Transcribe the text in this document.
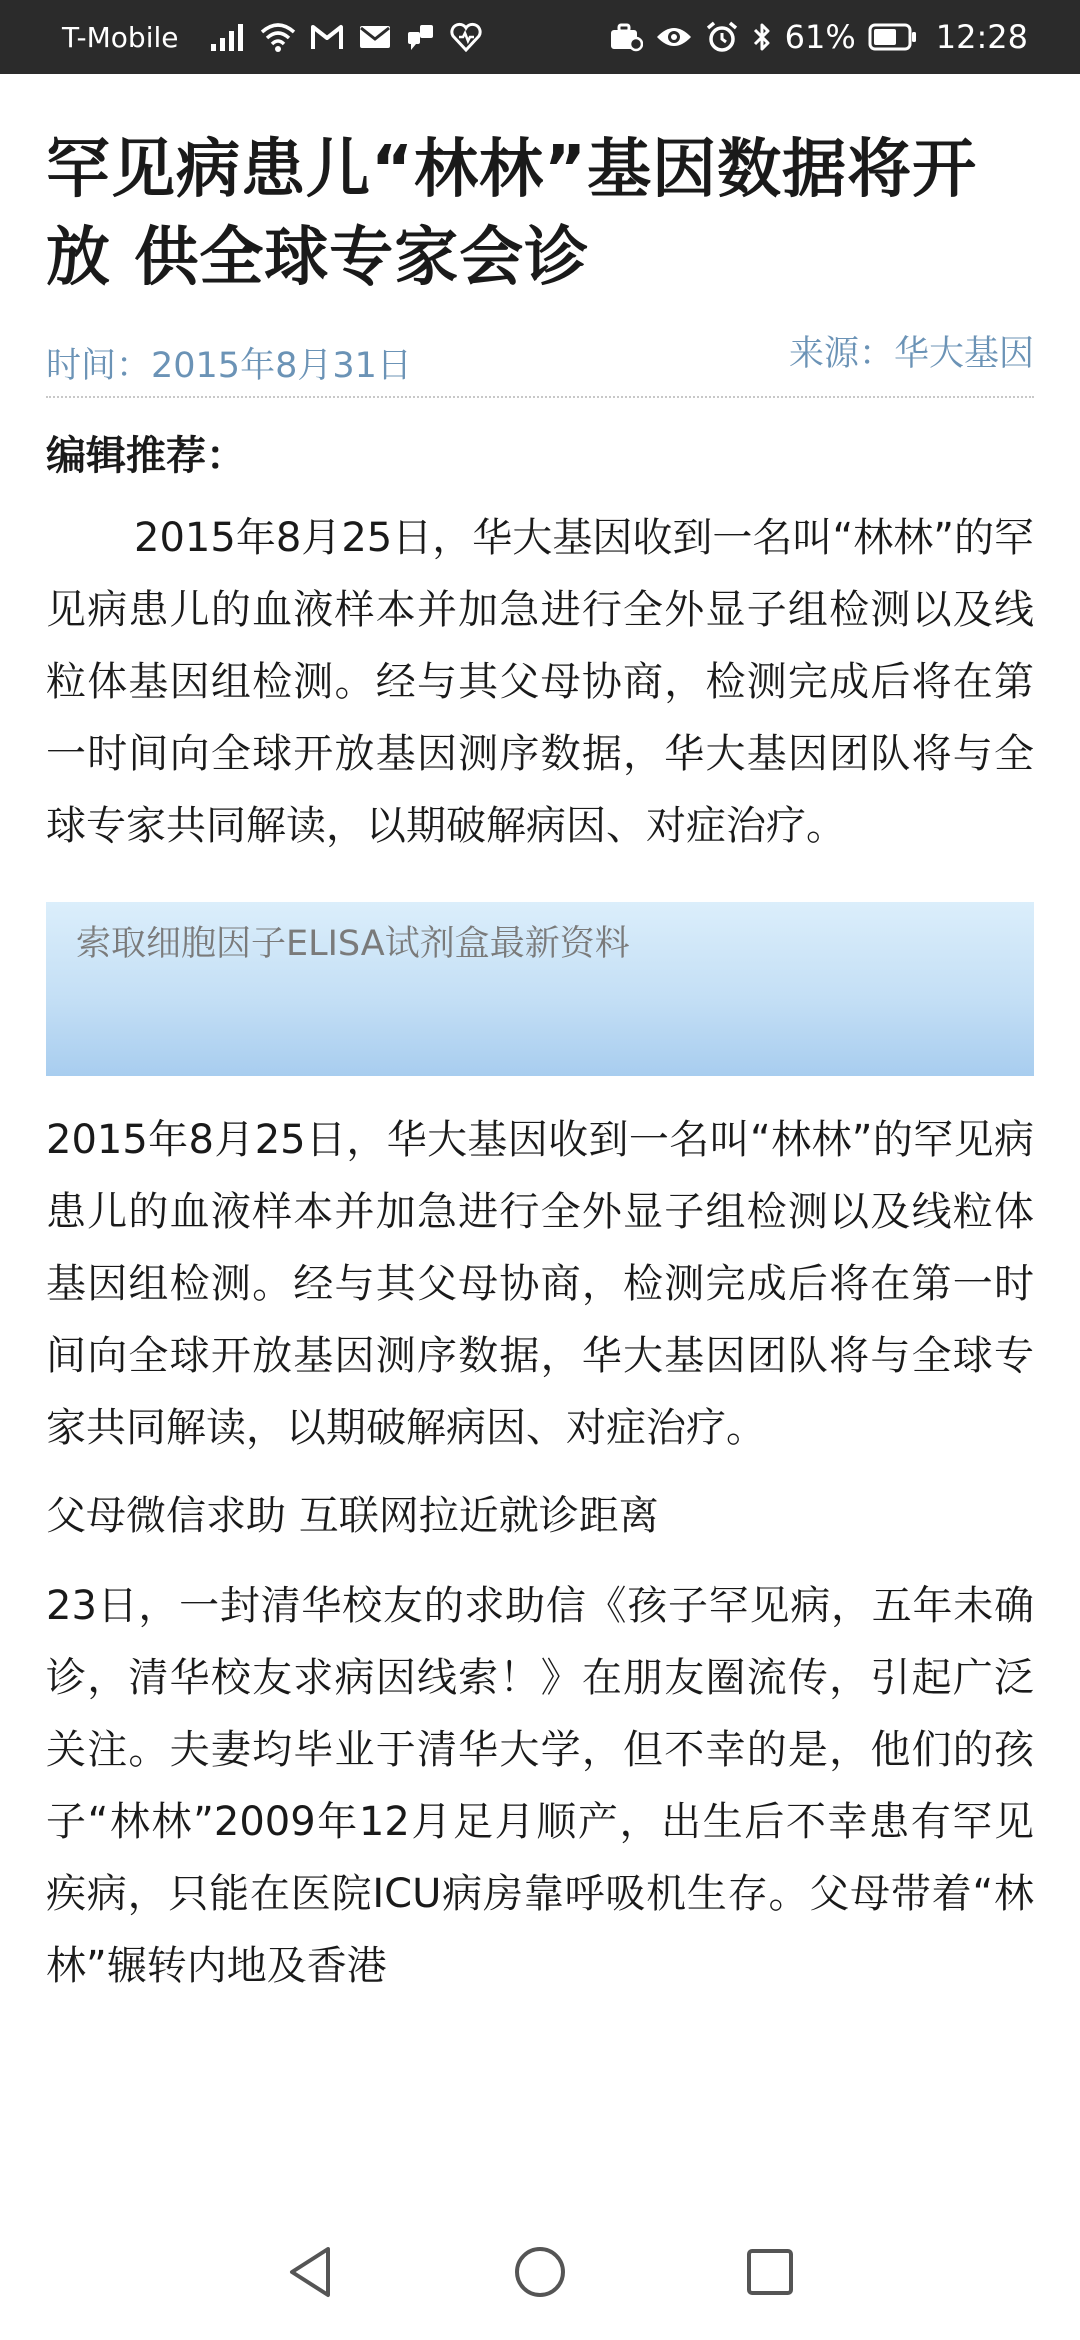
T-Mobile	61%	12:28
罕见病患儿“林林”基因数据将开放 供全球专家会诊
时间：2015年8月31日	来源：华大基因
编辑推荐：

2015年8月25日，华大基因收到一名叫“林林”的罕见病患儿的血液样本并加急进行全外显子组检测以及线粒体基因组检测。经与其父母协商，检测完成后将在第一时间向全球开放基因测序数据，华大基因团队将与全球专家共同解读，以期破解病因、对症治疗。

索取细胞因子ELISA试剂盒最新资料

2015年8月25日，华大基因收到一名叫“林林”的罕见病患儿的血液样本并加急进行全外显子组检测以及线粒体基因组检测。经与其父母协商，检测完成后将在第一时间向全球开放基因测序数据，华大基因团队将与全球专家共同解读，以期破解病因、对症治疗。

父母微信求助 互联网拉近就诊距离

23日，一封清华校友的求助信《孩子罕见病，五年未确诊，清华校友求病因线索！》在朋友圈流传，引起广泛关注。夫妻均毕业于清华大学，但不幸的是，他们的孩子“林林”2009年12月足月顺产，出生后不幸患有罕见疾病，只能在医院ICU病房靠呼吸机生存。父母带着“林林”辗转内地及香港
